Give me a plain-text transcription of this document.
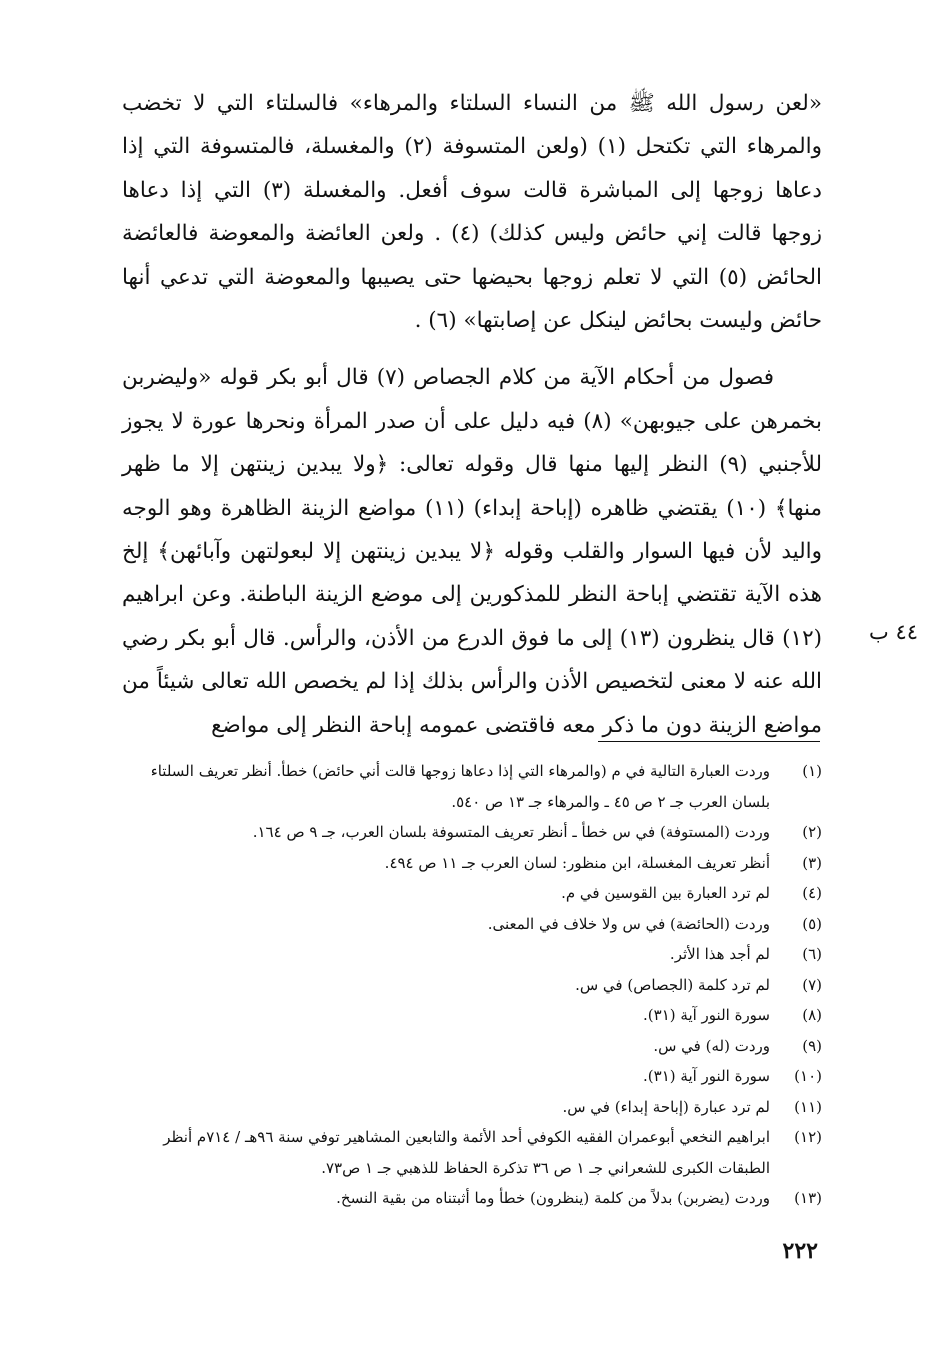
«لعن رسول الله ﷺ من النساء السلتاء والمرهاء» فالسلتاء التي لا تخضب والمرهاء التي تكتحل (١) (ولعن المتسوفة (٢) والمغسلة، فالمتسوفة التي إذا دعاها زوجها إلى المباشرة قالت سوف أفعل. والمغسلة (٣) التي إذا دعاها زوجها قالت إني حائض وليس كذلك) (٤) . ولعن العائضة والمعوضة فالعائضة الحائض (٥) التي لا تعلم زوجها بحيضها حتى يصيبها والمعوضة التي تدعي أنها حائض وليست بحائض لينكل عن إصابتها» (٦) .

فصول من أحكام الآية من كلام الجصاص (٧) قال أبو بكر قوله «وليضربن بخمرهن على جيوبهن» (٨) فيه دليل على أن صدر المرأة ونحرها عورة لا يجوز للأجنبي (٩) النظر إليها منها قال وقوله تعالى: ﴿ولا يبدين زينتهن إلا ما ظهر منها﴾ (١٠) يقتضي ظاهره (إباحة إبداء) (١١) مواضع الزينة الظاهرة وهو الوجه واليد لأن فيها السوار والقلب وقوله ﴿لا يبدين زينتهن إلا لبعولتهن وآبائهن﴾ إلخ هذه الآية تقتضي إباحة النظر للمذكورين إلى موضع الزينة الباطنة. وعن ابراهيم (١٢) قال ينظرون (١٣) إلى ما فوق الدرع من الأذن، والرأس. قال أبو بكر رضي الله عنه لا معنى لتخصيص الأذن والرأس بذلك إذا لم يخصص الله تعالى شيئاً من مواضع الزينة دون ما ذكر معه فاقتضى عمومه إباحة النظر إلى مواضع

٤٤ ب
(١)
وردت العبارة التالية في م (والمرهاء التي إذا دعاها زوجها قالت أني حائض) خطأ. أنظر تعريف السلتاء بلسان العرب جـ ٢ ص ٤٥ ـ والمرهاء جـ ١٣ ص ٥٤٠.
(٢)
وردت (المستوفة) في س خطأ ـ أنظر تعريف المتسوفة بلسان العرب، جـ ٩ ص ١٦٤.
(٣)
أنظر تعريف المغسلة، ابن منظور: لسان العرب جـ ١١ ص ٤٩٤.
(٤)
لم ترد العبارة بين القوسين في م.
(٥)
وردت (الحائضة) في س ولا خلاف في المعنى.
(٦)
لم أجد هذا الأثر.
(٧)
لم ترد كلمة (الجصاص) في س.
(٨)
سورة النور آية (٣١).
(٩)
وردت (له) في س.
(١٠)
سورة النور آية (٣١).
(١١)
لم ترد عبارة (إباحة إبداء) في س.
(١٢)
ابراهيم النخعي أبوعمران الفقيه الكوفي أحد الأئمة والتابعين المشاهير توفي سنة ٩٦هـ / ٧١٤م أنظر الطبقات الكبرى للشعراني جـ ١ ص ٣٦ تذكرة الحفاظ للذهبي جـ ١ ص٧٣.
(١٣)
وردت (يضربن) بدلاً من كلمة (ينظرون) خطأ وما أثبتناه من بقية النسخ.
٢٢٢
